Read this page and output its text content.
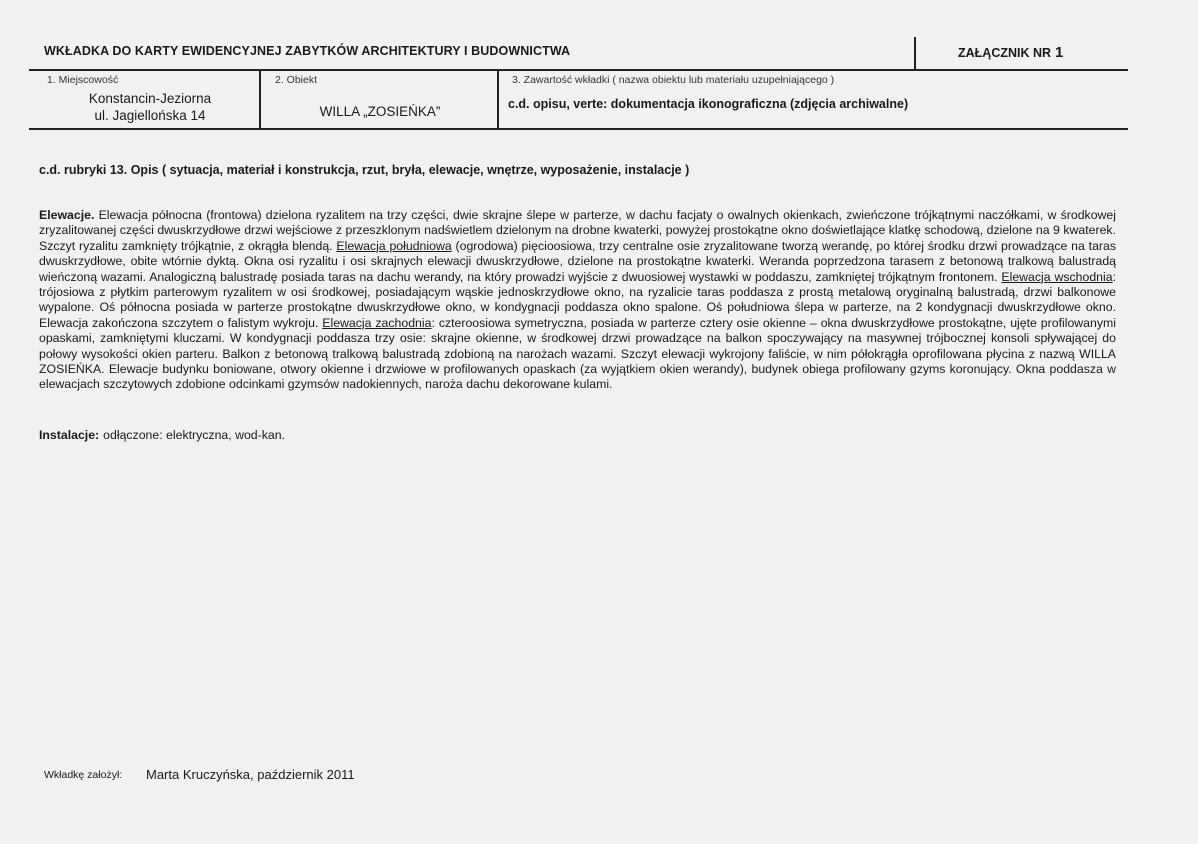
WKŁADKA DO KARTY EWIDENCYJNEJ ZABYTKÓW ARCHITEKTURY I BUDOWNICTWA	ZAŁĄCZNIK NR 1
1. Miejscowość
Konstancin-Jeziorna
ul. Jagiellońska 14
2. Obiekt
WILLA „ZOSIEŃKA”
3. Zawartość wkładki ( nazwa obiektu lub materiału uzupełniającego )
c.d. opisu, verte: dokumentacja ikonograficzna (zdjęcia archiwalne)
c.d. rubryki 13. Opis ( sytuacja, materiał i konstrukcja, rzut, bryła, elewacje, wnętrze, wyposażenie, instalacje )

Elewacje. Elewacja północna (frontowa) dzielona ryzalitem na trzy części, dwie skrajne ślepe w parterze, w dachu facjaty o owalnych okienkach, zwieńczone trójkątnymi naczółkami, w środkowej zryzalitowanej części dwuskrzydłowe drzwi wejściowe z przeszklonym nadświetlem dzielonym na drobne kwaterki, powyżej prostokątne okno doświetlające klatkę schodową, dzielone na 9 kwaterek. Szczyt ryzalitu zamknięty trójkątnie, z okrągła blendą. Elewacja południowa (ogrodowa) pięcioosiowa, trzy centralne osie zryzalitowane tworzą werandę, po której środku drzwi prowadzące na taras dwuskrzydłowe, obite wtórnie dyktą. Okna osi ryzalitu i osi skrajnych elewacji dwuskrzydłowe, dzielone na prostokątne kwaterki. Weranda poprzedzona tarasem z betonową tralkową balustradą wieńczoną wazami. Analogiczną balustradę posiada taras na dachu werandy, na który prowadzi wyjście z dwuosiowej wystawki w poddaszu, zamkniętej trójkątnym frontonem. Elewacja wschodnia: trójosiowa z płytkim parterowym ryzalitem w osi środkowej, posiadającym wąskie jednoskrzydłowe okno, na ryzalicie taras poddasza z prostą metalową oryginalną balustradą, drzwi balkonowe wypalone. Oś północna posiada w parterze prostokątne dwuskrzydłowe okno, w kondygnacji poddasza okno spalone. Oś południowa ślepa w parterze, na 2 kondygnacji dwuskrzydłowe okno. Elewacja zakończona szczytem o falistym wykroju. Elewacja zachodnia: czteroosiowa symetryczna, posiada w parterze cztery osie okienne – okna dwuskrzydłowe prostokątne, ujęte profilowanymi opaskami, zamkniętymi kluczami. W kondygnacji poddasza trzy osie: skrajne okienne, w środkowej drzwi prowadzące na balkon spoczywający na masywnej trójbocznej konsoli spływającej do połowy wysokości okien parteru. Balkon z betonową tralkową balustradą zdobioną na narożach wazami. Szczyt elewacji wykrojony faliście, w nim półokrągła oprofilowana płycina z nazwą WILLA ZOSIEŃKA. Elewacje budynku boniowane, otwory okienne i drzwiowe w profilowanych opaskach (za wyjątkiem okien werandy), budynek obiega profilowany gzyms koronujący. Okna poddasza w elewacjach szczytowych zdobione odcinkami gzymsów nadokiennych, naroża dachu dekorowane kulami.

Instalacje: odłączone: elektryczna, wod-kan.
Wkładkę założył: Marta Kruczyńska, październik 2011
